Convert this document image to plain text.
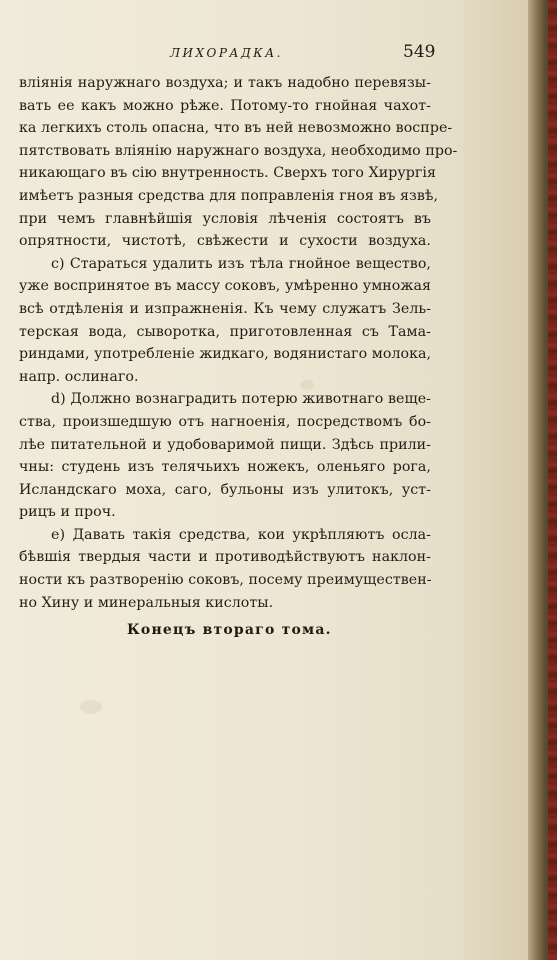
ЛИХОРАДКА.	549
вліянія наружнаго воздуха; и такъ надобно перевязы-
вать ее какъ можно рѣже. Потому-то гнойная чахот-
ка легкихъ столь опасна, что въ ней невозможно воспре-
пятствовать вліянію наружнаго воздуха, необходимо про-
никающаго въ сію внутренность. Сверхъ того Хирургія
имѣетъ разныя средства для поправленія гноя въ язвѣ,
при чемъ главнѣйшія условія лѣченія состоятъ въ
опрятности, чистотѣ, свѣжести и сухости воздуха.
c) Стараться удалить изъ тѣла гнойное вещество,
уже воспринятое въ массу соковъ, умѣренно умножая
всѣ отдѣленія и изпражненія. Къ чему служатъ Зель-
терская вода, сыворотка, приготовленная съ Тама-
риндами, употребленіе жидкаго, водянистаго молока,
напр. ослинаго.
d) Должно вознаградить потерю животнаго веще-
ства, произшедшую отъ нагноенія, посредствомъ бо-
лѣе питательной и удобоваримой пищи. Здѣсь прили-
чны: студень изъ телячьихъ ножекъ, оленьяго рога,
Исландскаго моха, саго, бульоны изъ улитокъ, уст-
рицъ и проч.
e) Давать такія средства, кои укрѣпляютъ осла-
бѣвшія твердыя части и противодѣйствуютъ наклон-
ности къ разтворенію соковъ, посему преимуществен-
но Хину и минеральныя кислоты.
Конецъ втораго тома.
